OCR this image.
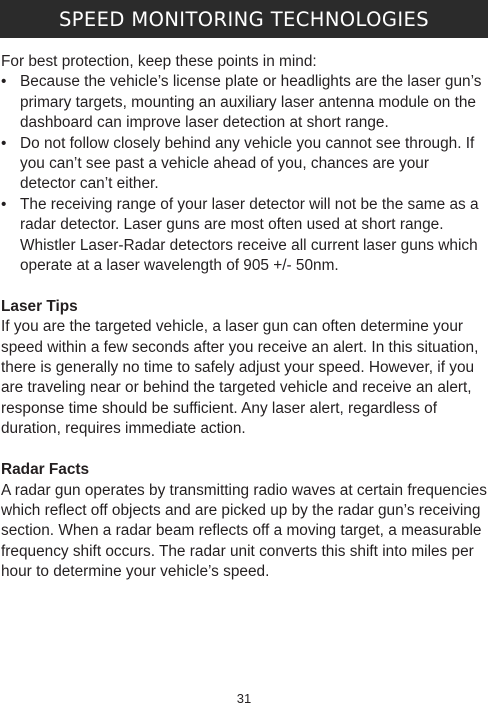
SPEED MONITORING TECHNOLOGIES

For best protection, keep these points in mind:

• Because the vehicle’s license plate or headlights are the laser gun’s primary targets, mounting an auxiliary laser antenna module on the dashboard can improve laser detection at short range.
• Do not follow closely behind any vehicle you cannot see through. If you can’t see past a vehicle ahead of you, chances are your detector can’t either.
• The receiving range of your laser detector will not be the same as a radar detector. Laser guns are most often used at short range. Whistler Laser-Radar detectors receive all current laser guns which operate at a laser wavelength of 905 +/- 50nm.
Laser Tips

If you are the targeted vehicle, a laser gun can often determine your speed within a few seconds after you receive an alert. In this situation, there is generally no time to safely adjust your speed. However, if you are traveling near or behind the targeted vehicle and receive an alert, response time should be sufficient. Any laser alert, regardless of duration, requires immediate action.

Radar Facts

A radar gun operates by transmitting radio waves at certain frequencies which reflect off objects and are picked up by the radar gun’s receiving section. When a radar beam reflects off a moving target, a measurable frequency shift occurs. The radar unit converts this shift into miles per hour to determine your vehicle’s speed.

31
